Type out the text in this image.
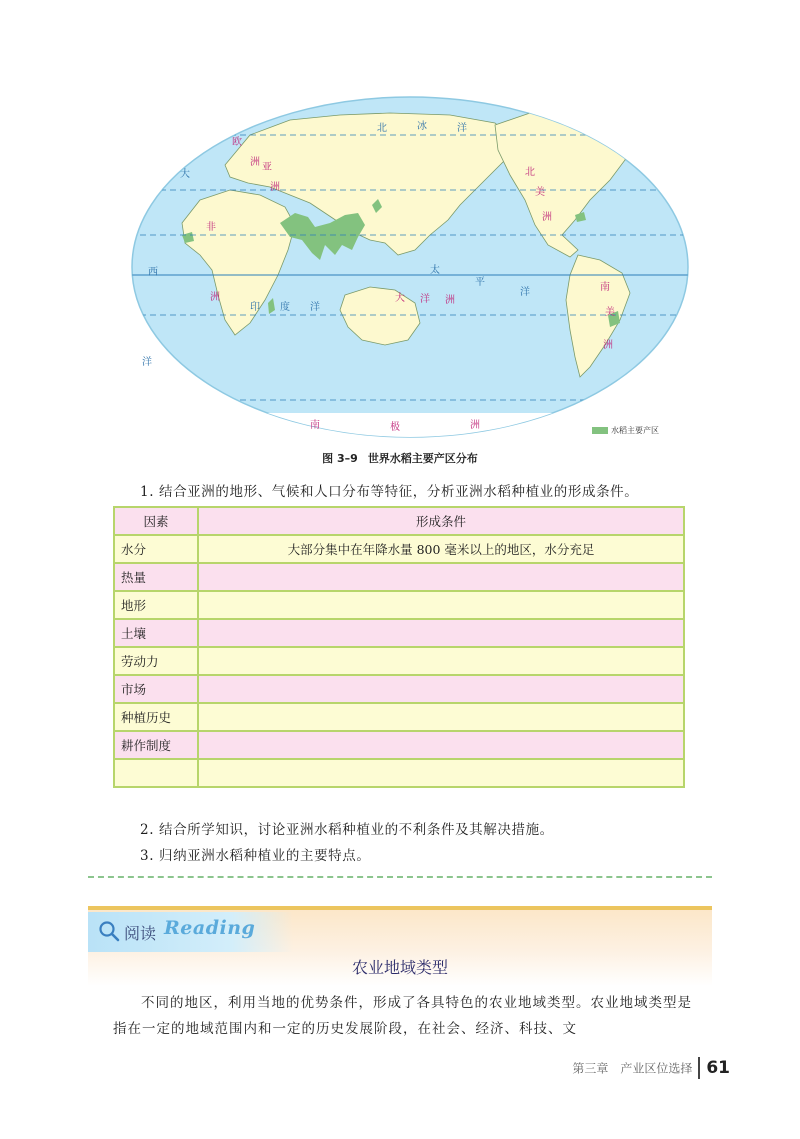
北	冰	洋
大
西
洋
印 度 洋
太
平
洋
欧
洲 亚
洲
非
洲
北
美
洲
南
美
洲
大 洋 洲
南	极	洲	水稻主要产区
图 3–9 世界水稻主要产区分布
1. 结合亚洲的地形、气候和人口分布等特征，分析亚洲水稻种植业的形成条件。
因素	形成条件
水分	大部分集中在年降水量 800 毫米以上的地区，水分充足
热量	
地形	
土壤	
劳动力	
市场	
种植历史	
耕作制度	

2. 结合所学知识，讨论亚洲水稻种植业的不利条件及其解决措施。
3. 归纳亚洲水稻种植业的主要特点。
阅读 Reading
农业地域类型
不同的地区，利用当地的优势条件，形成了各具特色的农业地域类型。农业地域类型是指在一定的地域范围内和一定的历史发展阶段，在社会、经济、科技、文
第三章　产业区位选择 61
